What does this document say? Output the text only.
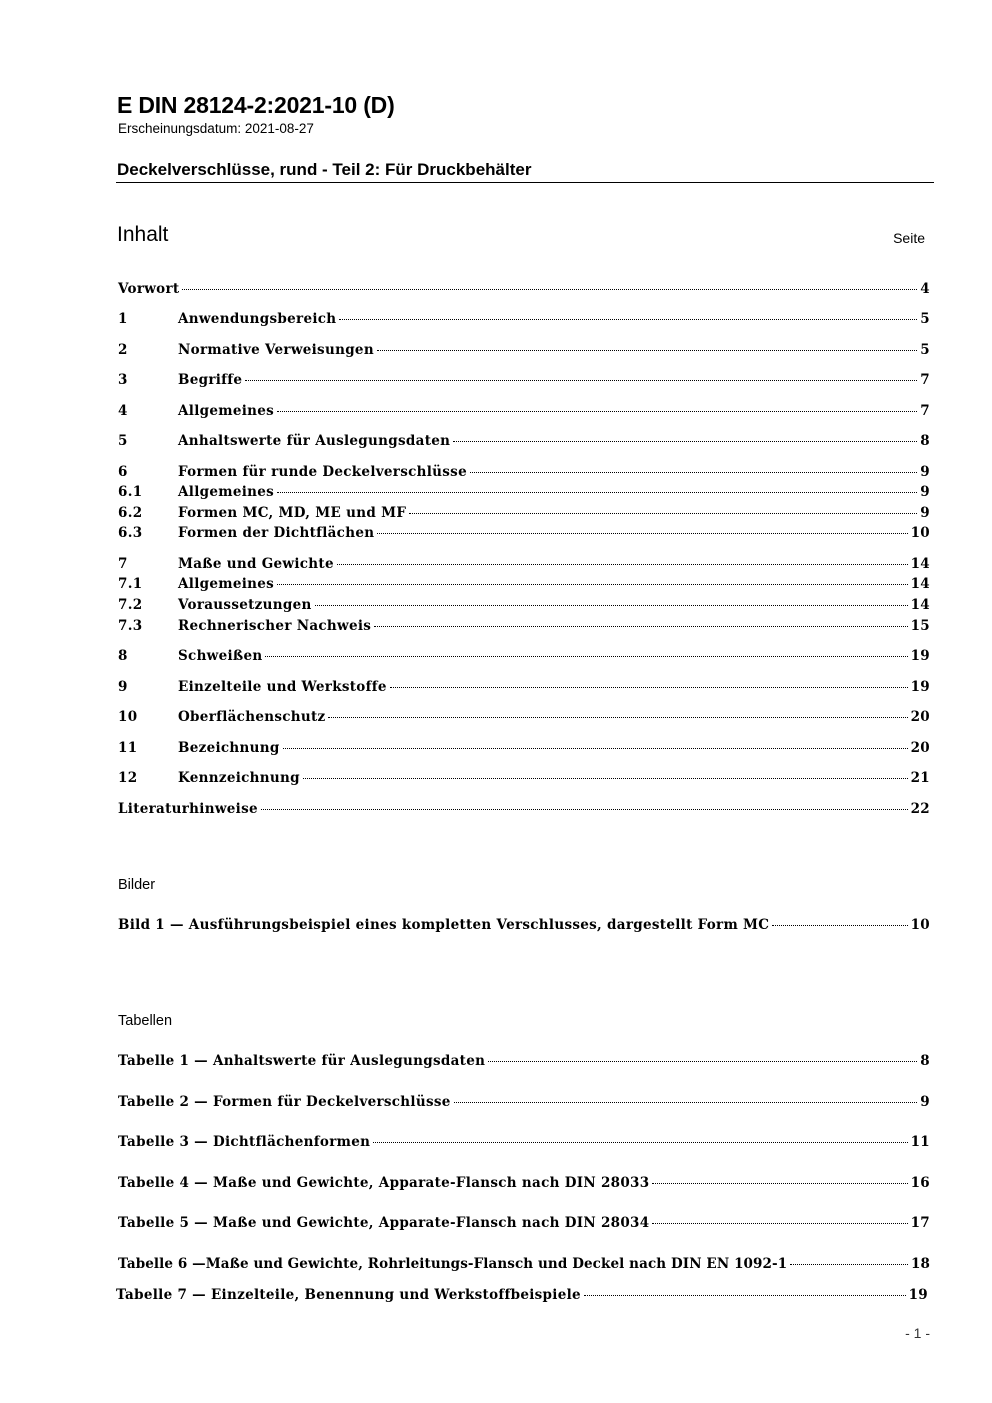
E DIN 28124-2:2021-10 (D)
Erscheinungsdatum: 2021-08-27
Deckelverschlüsse, rund - Teil 2: Für Druckbehälter
Inhalt	Seite
Vorwort	4
1	Anwendungsbereich	5
2	Normative Verweisungen	5
3	Begriffe	7
4	Allgemeines	7
5	Anhaltswerte für Auslegungsdaten	8
6	Formen für runde Deckelverschlüsse	9
6.1	Allgemeines	9
6.2	Formen MC, MD, ME und MF	9
6.3	Formen der Dichtflächen	10
7	Maße und Gewichte	14
7.1	Allgemeines	14
7.2	Voraussetzungen	14
7.3	Rechnerischer Nachweis	15
8	Schweißen	19
9	Einzelteile und Werkstoffe	19
10	Oberflächenschutz	20
11	Bezeichnung	20
12	Kennzeichnung	21
Literaturhinweise	22
Bilder
Bild 1 — Ausführungsbeispiel eines kompletten Verschlusses, dargestellt Form MC	10
Tabellen
Tabelle 1 — Anhaltswerte für Auslegungsdaten	8
Tabelle 2 — Formen für Deckelverschlüsse	9
Tabelle 3 — Dichtflächenformen	11
Tabelle 4 — Maße und Gewichte, Apparate-Flansch nach DIN 28033	16
Tabelle 5 — Maße und Gewichte, Apparate-Flansch nach DIN 28034	17
Tabelle 6 —Maße und Gewichte, Rohrleitungs-Flansch und Deckel nach DIN EN 1092-1	18
Tabelle 7 — Einzelteile, Benennung und Werkstoffbeispiele	19
- 1 -
